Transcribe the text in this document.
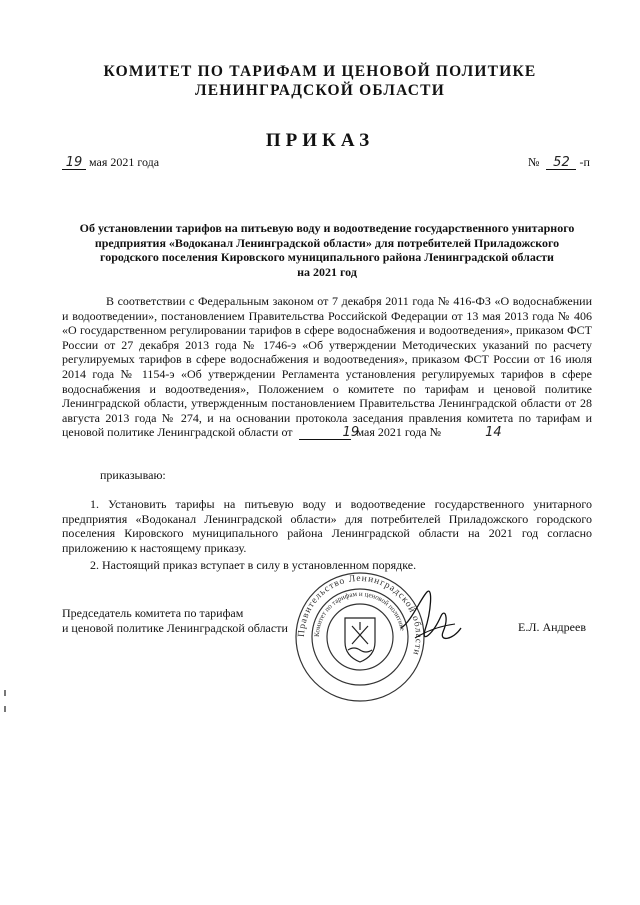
КОМИТЕТ ПО ТАРИФАМ И ЦЕНОВОЙ ПОЛИТИКЕ
ЛЕНИНГРАДСКОЙ ОБЛАСТИ
ПРИКАЗ
19 мая 2021 года	№ 52 -п
Об установлении тарифов на питьевую воду и водоотведение государственного унитарного
предприятия «Водоканал Ленинградской области» для потребителей Приладожского
городского поселения Кировского муниципального района Ленинградской области
на 2021 год
В соответствии с Федеральным законом от 7 декабря 2011 года № 416-ФЗ «О водоснабжении и водоотведении», постановлением Правительства Российской Федерации от 13 мая 2013 года № 406 «О государственном регулировании тарифов в сфере водоснабжения и водоотведения», приказом ФСТ России от 27 декабря 2013 года № 1746-э «Об утверждении Методических указаний по расчету регулируемых тарифов в сфере водоснабжения и водоотведения», приказом ФСТ России от 16 июля 2014 года № 1154-э «Об утверждении Регламента установления регулируемых тарифов в сфере водоснабжения и водоотведения», Положением о комитете по тарифам и ценовой политике Ленинградской области, утвержденным постановлением Правительства Ленинградской области от 28 августа 2013 года № 274, и на основании протокола заседания правления комитета по тарифам и ценовой политике Ленинградской области от	19 мая 2021 года №	14
приказываю:
1. Установить тарифы на питьевую воду и водоотведение государственного унитарного предприятия «Водоканал Ленинградской области» для потребителей Приладожского городского поселения Кировского муниципального района Ленинградской области на 2021 год согласно приложению к настоящему приказу.
2. Настоящий приказ вступает в силу в установленном порядке.
Председатель комитета по тарифам
и ценовой политике Ленинградской области	Е.Л. Андреев
Правительство Ленинградской области
Комитет по тарифам и ценовой политике
